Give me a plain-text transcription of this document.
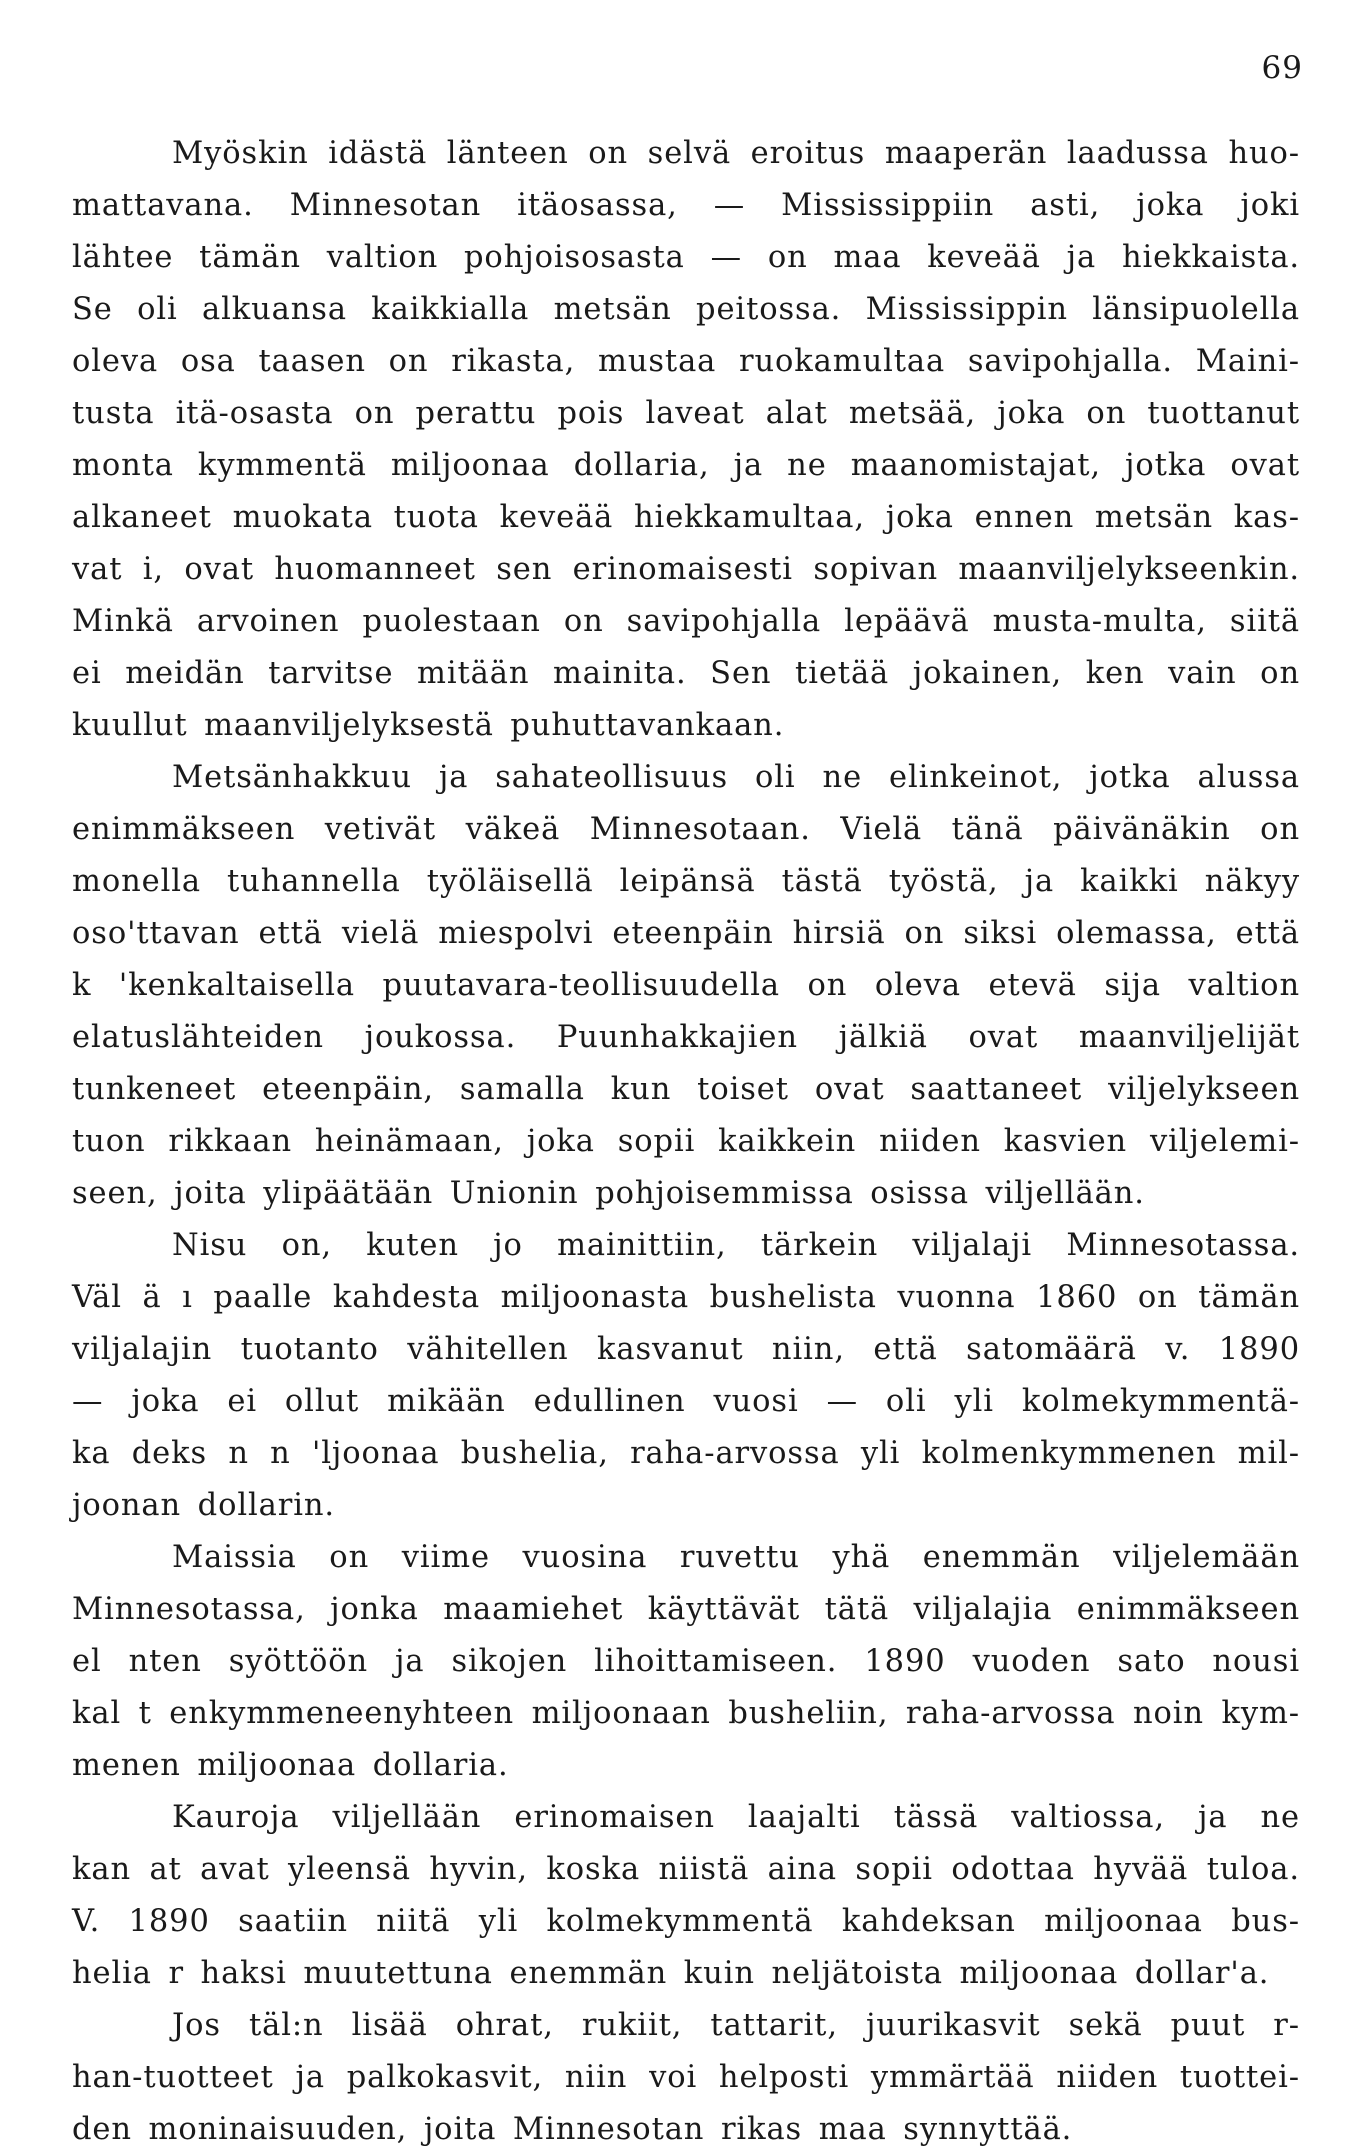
69
Myöskin idästä länteen on selvä eroitus maaperän laadussa huo-
mattavana. Minnesotan itäosassa, — Mississippiin asti, joka joki
lähtee tämän valtion pohjoisosasta — on maa keveää ja hiekkaista.
Se oli alkuansa kaikkialla metsän peitossa. Mississippin länsipuolella
oleva osa taasen on rikasta, mustaa ruokamultaa savipohjalla. Maini-
tusta itä-osasta on perattu pois laveat alat metsää, joka on tuottanut
monta kymmentä miljoonaa dollaria, ja ne maanomistajat, jotka ovat
alkaneet muokata tuota keveää hiekkamultaa, joka ennen metsän kas-
vat i, ovat huomanneet sen erinomaisesti sopivan maanviljelykseenkin.
Minkä arvoinen puolestaan on savipohjalla lepäävä musta-multa, siitä
ei meidän tarvitse mitään mainita. Sen tietää jokainen, ken vain on
kuullut maanviljelyksestä puhuttavankaan.
Metsänhakkuu ja sahateollisuus oli ne elinkeinot, jotka alussa
enimmäkseen vetivät väkeä Minnesotaan. Vielä tänä päivänäkin on
monella tuhannella työläisellä leipänsä tästä työstä, ja kaikki näkyy
oso'ttavan että vielä miespolvi eteenpäin hirsiä on siksi olemassa, että
k 'kenkaltaisella puutavara-teollisuudella on oleva etevä sija valtion
elatuslähteiden joukossa. Puunhakkajien jälkiä ovat maanviljelijät
tunkeneet eteenpäin, samalla kun toiset ovat saattaneet viljelykseen
tuon rikkaan heinämaan, joka sopii kaikkein niiden kasvien viljelemi-
seen, joita ylipäätään Unionin pohjoisemmissa osissa viljellään.
Nisu on, kuten jo mainittiin, tärkein viljalaji Minnesotassa.
Väl ä ı paalle kahdesta miljoonasta bushelista vuonna 1860 on tämän
viljalajin tuotanto vähitellen kasvanut niin, että satomäärä v. 1890
— joka ei ollut mikään edullinen vuosi — oli yli kolmekymmentä-
ka deks n n 'ljoonaa bushelia, raha-arvossa yli kolmenkymmenen mil-
joonan dollarin.
Maissia on viime vuosina ruvettu yhä enemmän viljelemään
Minnesotassa, jonka maamiehet käyttävät tätä viljalajia enimmäkseen
el nten syöttöön ja sikojen lihoittamiseen. 1890 vuoden sato nousi
kal t enkymmeneenyhteen miljoonaan busheliin, raha-arvossa noin kym-
menen miljoonaa dollaria.
Kauroja viljellään erinomaisen laajalti tässä valtiossa, ja ne
kan at avat yleensä hyvin, koska niistä aina sopii odottaa hyvää tuloa.
V. 1890 saatiin niitä yli kolmekymmentä kahdeksan miljoonaa bus-
helia r haksi muutettuna enemmän kuin neljätoista miljoonaa dollar'a.
Jos täl:n lisää ohrat, rukiit, tattarit, juurikasvit sekä puut r-
han-tuotteet ja palkokasvit, niin voi helposti ymmärtää niiden tuottei-
den moninaisuuden, joita Minnesotan rikas maa synnyttää.
